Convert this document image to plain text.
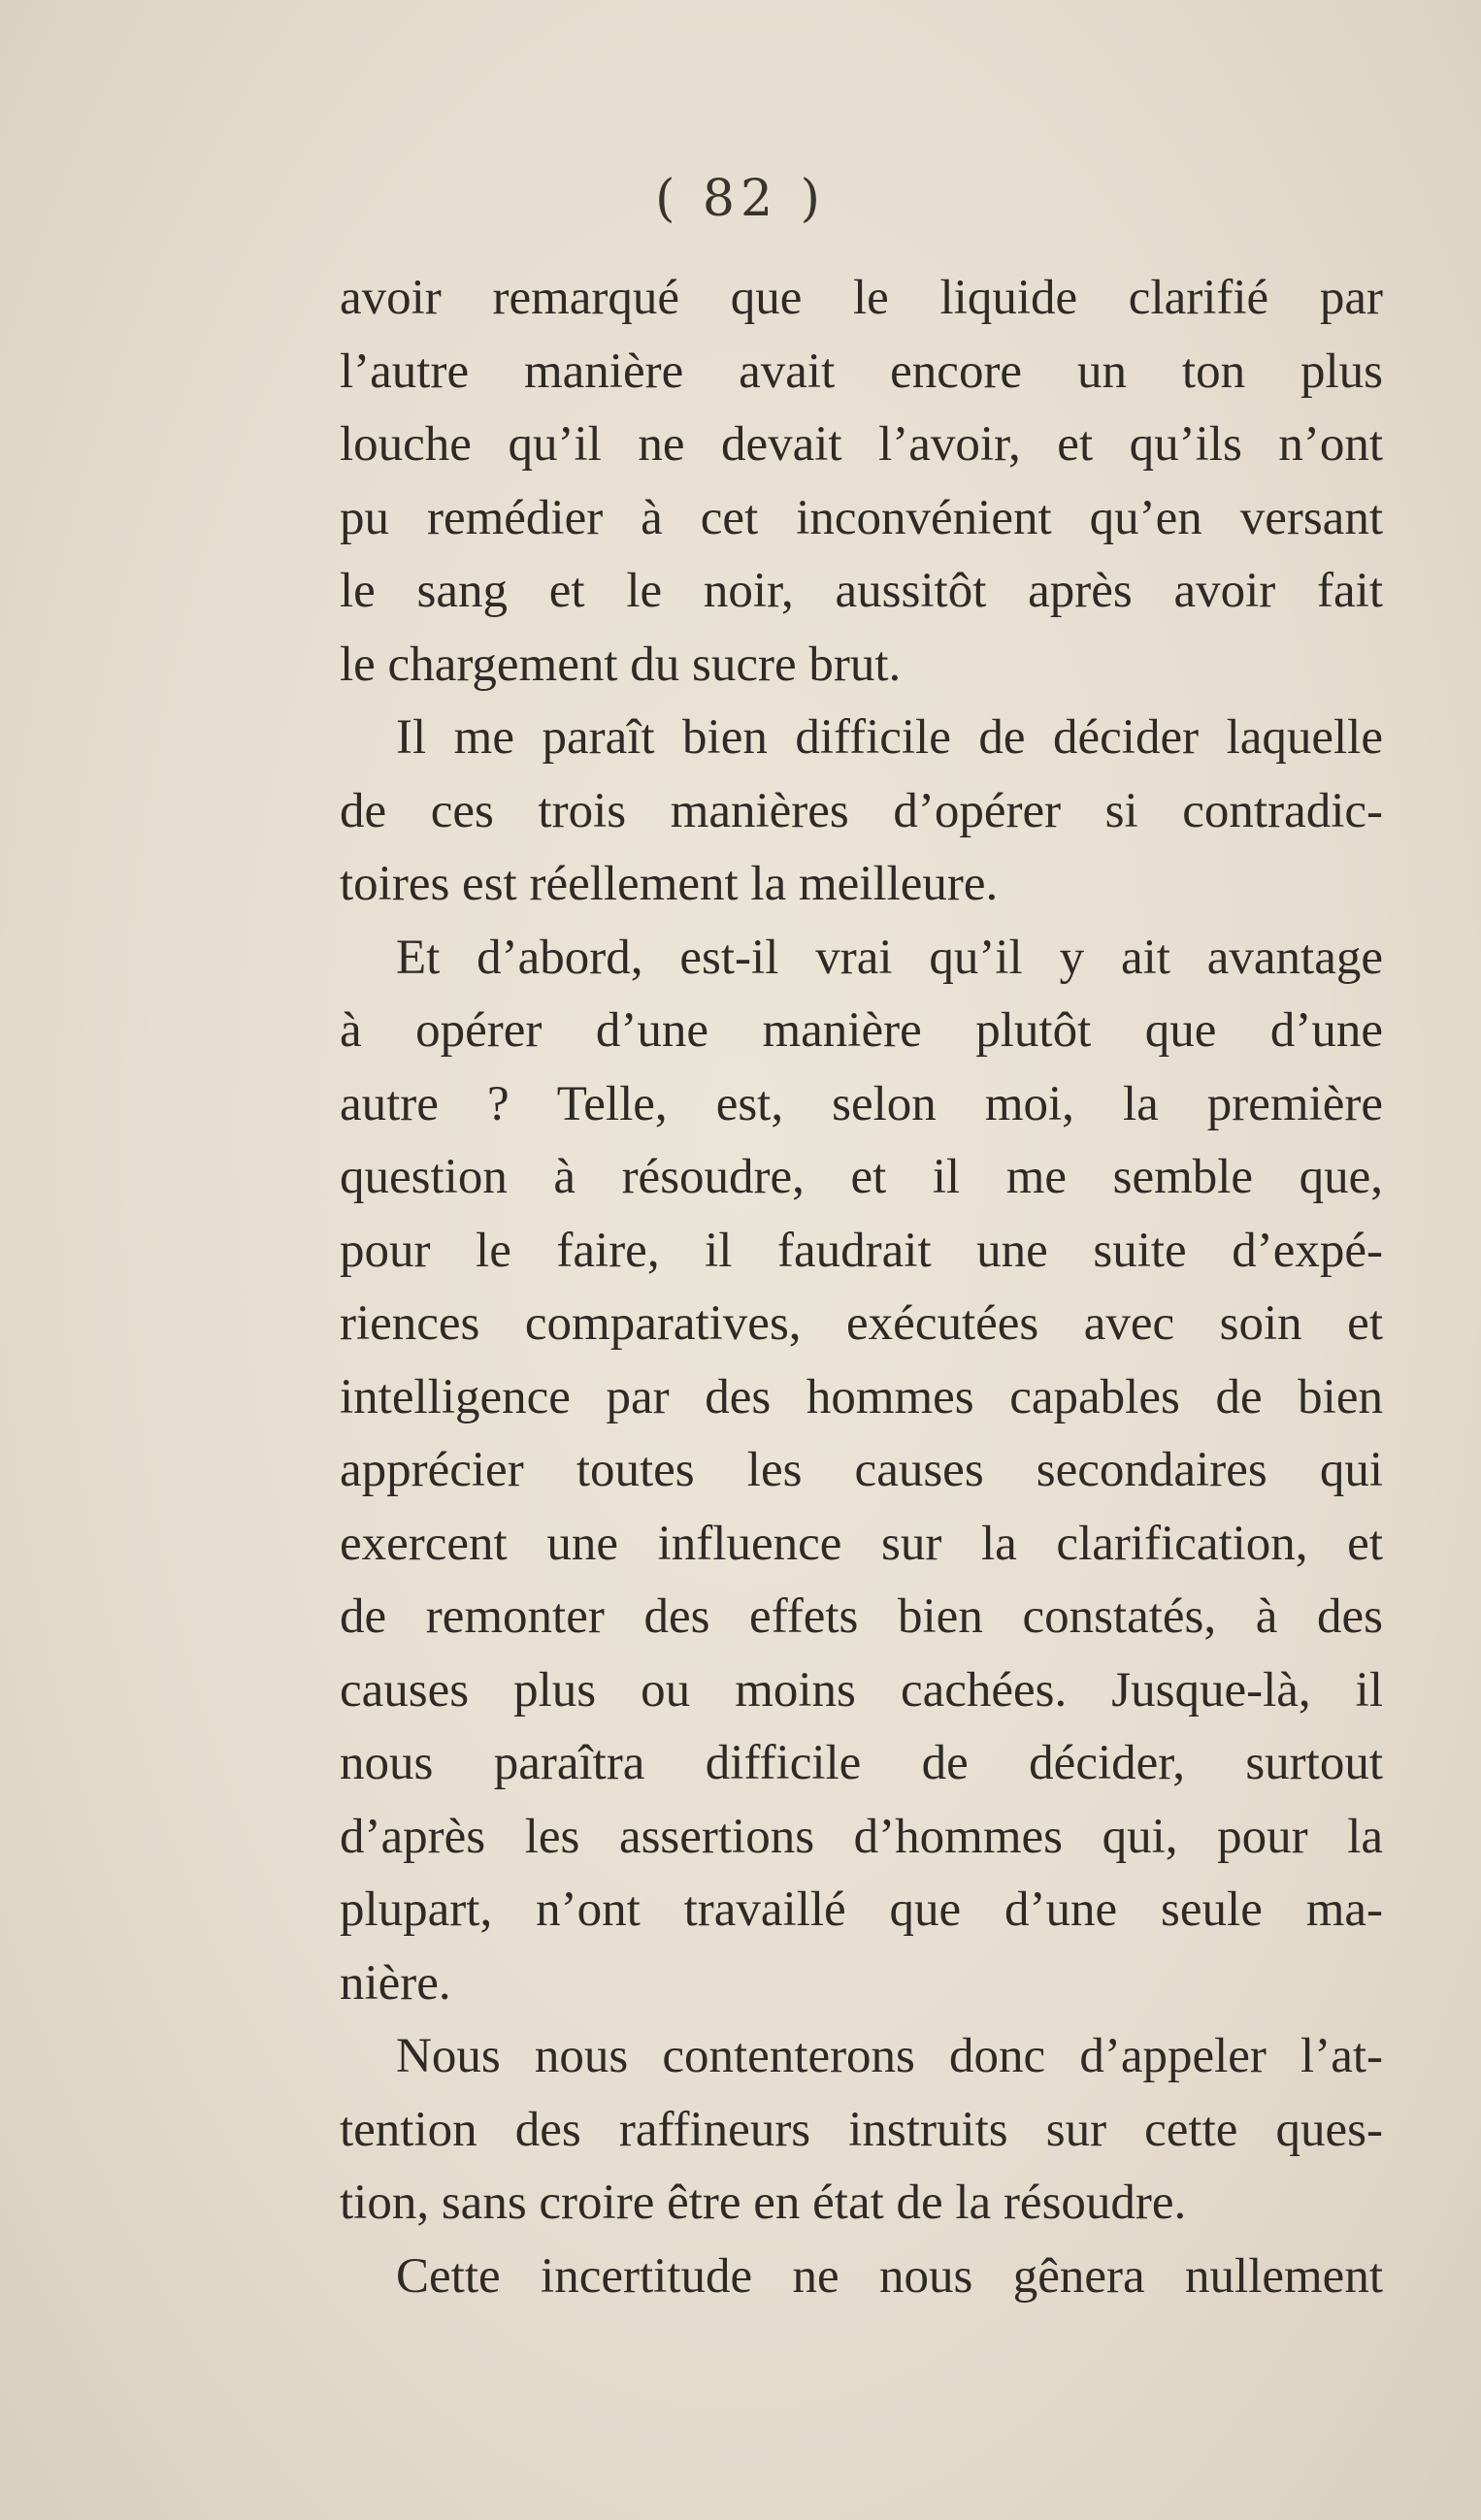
( 82 )
avoir remarqué que le liquide clarifié par
l’autre manière avait encore un ton plus
louche qu’il ne devait l’avoir, et qu’ils n’ont
pu remédier à cet inconvénient qu’en versant
le sang et le noir, aussitôt après avoir fait
le chargement du sucre brut.
Il me paraît bien difficile de décider laquelle
de ces trois manières d’opérer si contradic-
toires est réellement la meilleure.
Et d’abord, est-il vrai qu’il y ait avantage
à opérer d’une manière plutôt que d’une
autre ? Telle, est, selon moi, la première
question à résoudre, et il me semble que,
pour le faire, il faudrait une suite d’expé-
riences comparatives, exécutées avec soin et
intelligence par des hommes capables de bien
apprécier toutes les causes secondaires qui
exercent une influence sur la clarification, et
de remonter des effets bien constatés, à des
causes plus ou moins cachées. Jusque-là, il
nous paraîtra difficile de décider, surtout
d’après les assertions d’hommes qui, pour la
plupart, n’ont travaillé que d’une seule ma-
nière.
Nous nous contenterons donc d’appeler l’at-
tention des raffineurs instruits sur cette ques-
tion, sans croire être en état de la résoudre.
Cette incertitude ne nous gênera nullement
